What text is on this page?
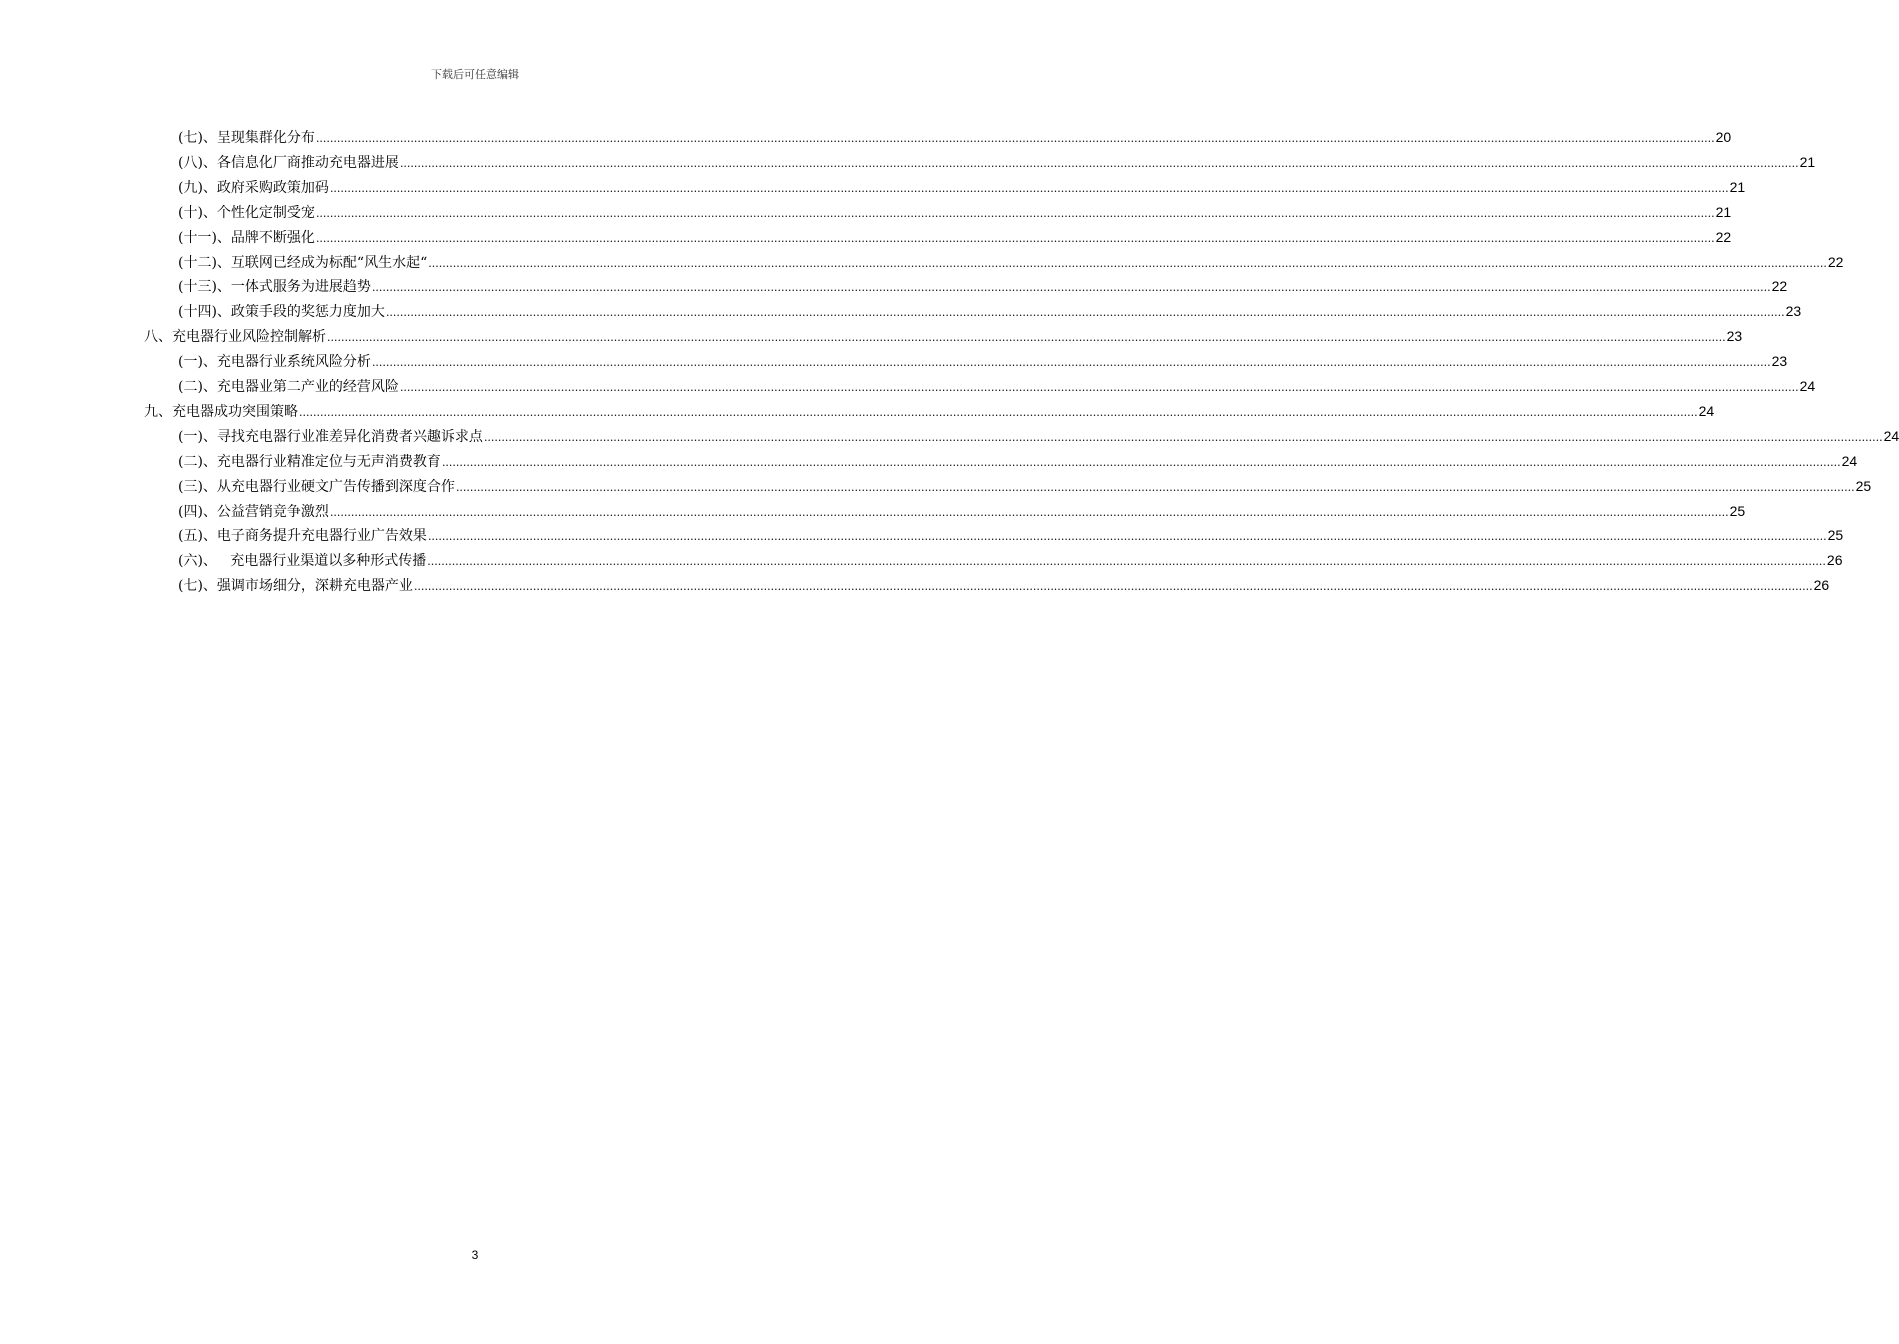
下载后可任意编辑
(七)、呈现集群化分布 ................................................................................................................................................................................................................................................................................................................................................................................................................ 20
(八)、各信息化厂商推动充电器进展 ................................................................................................................................................................................................................................................................................................................................................................................................................ 21
(九)、政府采购政策加码 ................................................................................................................................................................................................................................................................................................................................................................................................................ 21
(十)、个性化定制受宠 ................................................................................................................................................................................................................................................................................................................................................................................................................ 21
(十一)、品牌不断强化 ................................................................................................................................................................................................................................................................................................................................................................................................................ 22
(十二)、互联网已经成为标配“风生水起“ ................................................................................................................................................................................................................................................................................................................................................................................................................ 22
(十三)、一体式服务为进展趋势 ................................................................................................................................................................................................................................................................................................................................................................................................................ 22
(十四)、政策手段的奖惩力度加大 ................................................................................................................................................................................................................................................................................................................................................................................................................ 23
八、充电器行业风险控制解析 ................................................................................................................................................................................................................................................................................................................................................................................................................ 23
(一)、充电器行业系统风险分析 ................................................................................................................................................................................................................................................................................................................................................................................................................ 23
(二)、充电器业第二产业的经营风险 ................................................................................................................................................................................................................................................................................................................................................................................................................ 24
九、充电器成功突围策略 ................................................................................................................................................................................................................................................................................................................................................................................................................ 24
(一)、寻找充电器行业准差异化消费者兴趣诉求点 ................................................................................................................................................................................................................................................................................................................................................................................................................ 24
(二)、充电器行业精准定位与无声消费教育 ................................................................................................................................................................................................................................................................................................................................................................................................................ 24
(三)、从充电器行业硬文广告传播到深度合作 ................................................................................................................................................................................................................................................................................................................................................................................................................ 25
(四)、公益营销竞争激烈 ................................................................................................................................................................................................................................................................................................................................................................................................................ 25
(五)、电子商务提升充电器行业广告效果 ................................................................................................................................................................................................................................................................................................................................................................................................................ 25
(六)、   充电器行业渠道以多种形式传播 ................................................................................................................................................................................................................................................................................................................................................................................................................ 26
(七)、强调市场细分，深耕充电器产业 ................................................................................................................................................................................................................................................................................................................................................................................................................ 26
3
